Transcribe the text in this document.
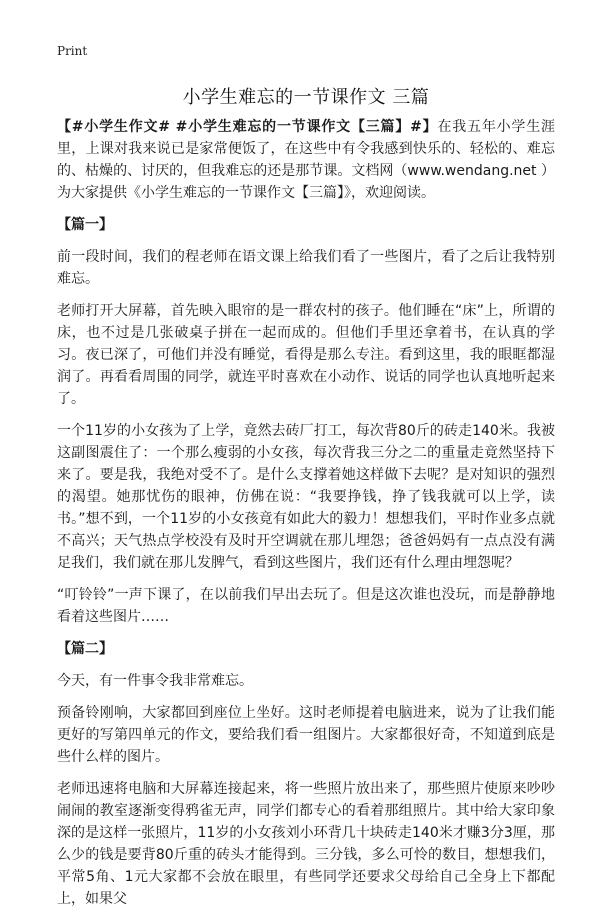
Print
小学生难忘的一节课作文 三篇

【#小学生作文# #小学生难忘的一节课作文【三篇】#】在我五年小学生涯里，上课对我来说已是家常便饭了，在这些中有令我感到快乐的、轻松的、难忘的、枯燥的、讨厌的，但我难忘的还是那节课。文档网（www.wendang.net ）为大家提供《小学生难忘的一节课作文【三篇】》，欢迎阅读。

【篇一】

前一段时间，我们的程老师在语文课上给我们看了一些图片，看了之后让我特别难忘。

老师打开大屏幕，首先映入眼帘的是一群农村的孩子。他们睡在“床”上，所谓的床，也不过是几张破桌子拼在一起而成的。但他们手里还拿着书，在认真的学习。夜已深了，可他们并没有睡觉，看得是那么专注。看到这里，我的眼眶都湿润了。再看看周围的同学，就连平时喜欢在小动作、说话的同学也认真地听起来了。

一个11岁的小女孩为了上学，竟然去砖厂打工，每次背80斤的砖走140米。我被这副图震住了：一个那么瘦弱的小女孩，每次背我三分之二的重量走竟然坚持下来了。要是我，我绝对受不了。是什么支撑着她这样做下去呢？是对知识的强烈的渴望。她那忧伤的眼神，仿佛在说：“我要挣钱，挣了钱我就可以上学，读书。”想不到，一个11岁的小女孩竟有如此大的毅力！想想我们，平时作业多点就不高兴；天气热点学校没有及时开空调就在那儿埋怨；爸爸妈妈有一点点没有满足我们，我们就在那儿发脾气，看到这些图片，我们还有什么理由埋怨呢？

“叮铃铃”一声下课了，在以前我们早出去玩了。但是这次谁也没玩，而是静静地看着这些图片……

【篇二】

今天，有一件事令我非常难忘。

预备铃刚响，大家都回到座位上坐好。这时老师提着电脑进来，说为了让我们能更好的写第四单元的作文，要给我们看一组图片。大家都很好奇，不知道到底是些什么样的图片。

老师迅速将电脑和大屏幕连接起来，将一些照片放出来了，那些照片使原来吵吵闹闹的教室逐渐变得鸦雀无声，同学们都专心的看着那组照片。其中给大家印象深的是这样一张照片，11岁的小女孩刘小环背几十块砖走140米才赚3分3厘，那么少的钱是要背80斤重的砖头才能得到。三分钱，多么可怜的数目，想想我们，平常5角、1元大家都不会放在眼里，有些同学还要求父母给自己全身上下都配上，如果父
